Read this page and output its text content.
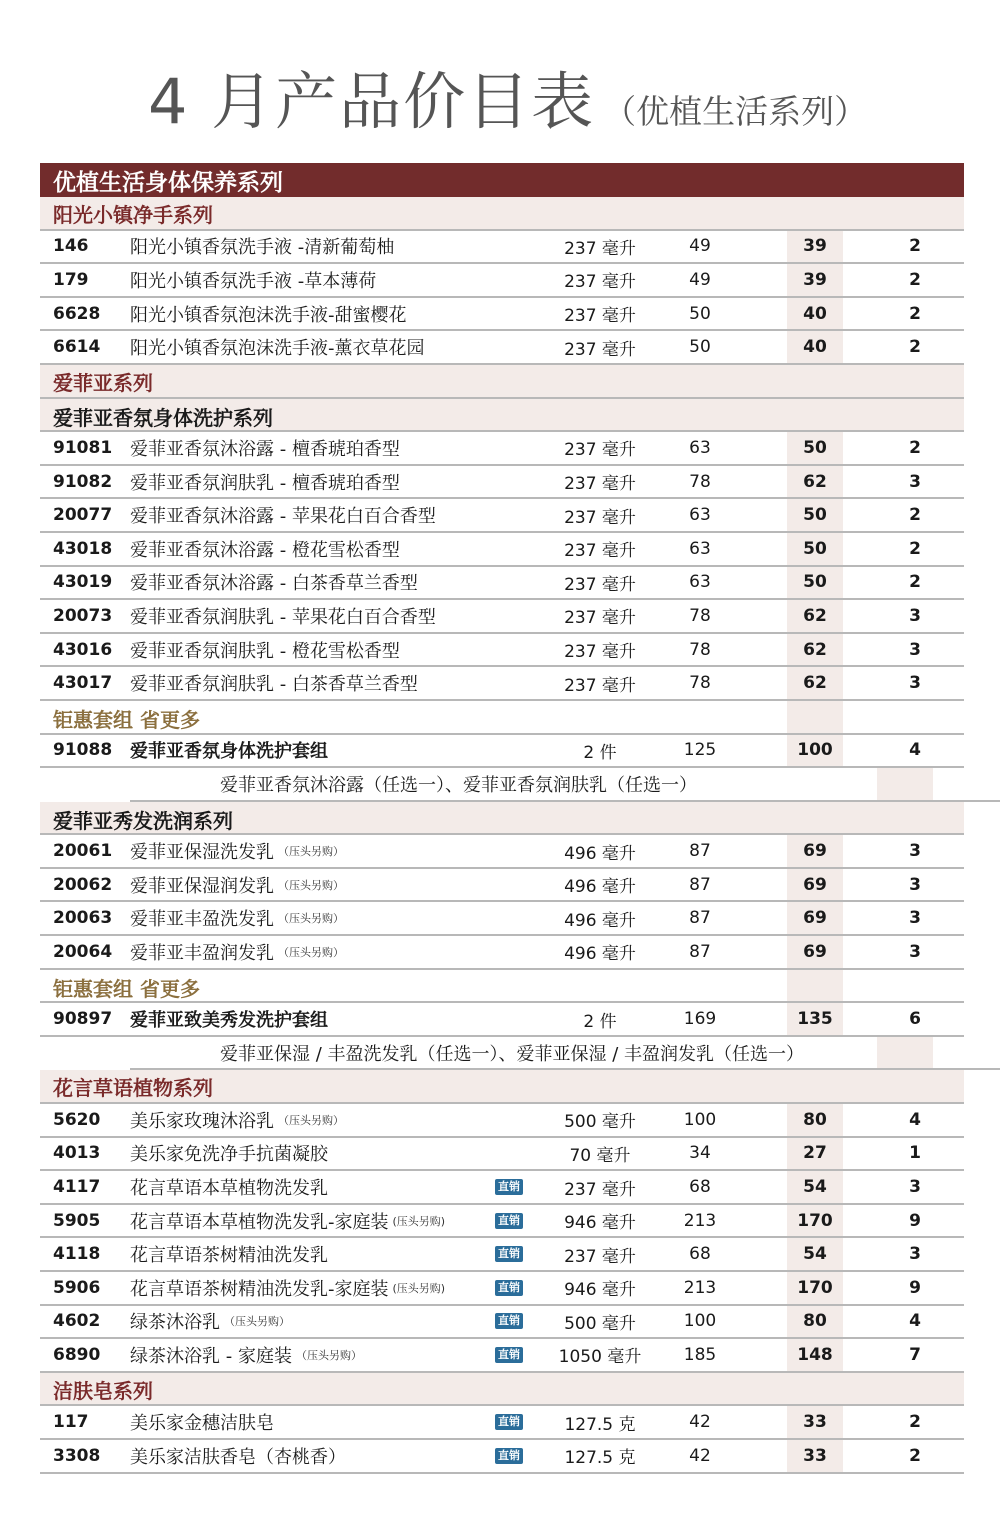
4 月产品价目表 （优植生活系列）
优植生活身体保养系列
阳光小镇净手系列
146 阳光小镇香氛洗手液 -清新葡萄柚	237 毫升	49	39	2
179 阳光小镇香氛洗手液 -草本薄荷	237 毫升	49	39	2
6628 阳光小镇香氛泡沫洗手液-甜蜜樱花	237 毫升	50	40	2
6614 阳光小镇香氛泡沫洗手液-薰衣草花园	237 毫升	50	40	2
爱菲亚系列
爱菲亚香氛身体洗护系列
91081 爱菲亚香氛沐浴露 - 檀香琥珀香型	237 毫升	63	50	2
91082 爱菲亚香氛润肤乳 - 檀香琥珀香型	237 毫升	78	62	3
20077 爱菲亚香氛沐浴露 - 苹果花白百合香型	237 毫升	63	50	2
43018 爱菲亚香氛沐浴露 - 橙花雪松香型	237 毫升	63	50	2
43019 爱菲亚香氛沐浴露 - 白茶香草兰香型	237 毫升	63	50	2
20073 爱菲亚香氛润肤乳 - 苹果花白百合香型	237 毫升	78	62	3
43016 爱菲亚香氛润肤乳 - 橙花雪松香型	237 毫升	78	62	3
43017 爱菲亚香氛润肤乳 - 白茶香草兰香型	237 毫升	78	62	3
钜惠套组 省更多
91088 爱菲亚香氛身体洗护套组	2 件	125	100	4
爱菲亚香氛沐浴露（任选一）、爱菲亚香氛润肤乳（任选一）
爱菲亚秀发洗润系列
20061 爱菲亚保湿洗发乳 （压头另购）	496 毫升	87	69	3
20062 爱菲亚保湿润发乳 （压头另购）	496 毫升	87	69	3
20063 爱菲亚丰盈洗发乳 （压头另购）	496 毫升	87	69	3
20064 爱菲亚丰盈润发乳 （压头另购）	496 毫升	87	69	3
钜惠套组 省更多
90897 爱菲亚致美秀发洗护套组	2 件	169	135	6
爱菲亚保湿 / 丰盈洗发乳（任选一）、爱菲亚保湿 / 丰盈润发乳（任选一）
花言草语植物系列
5620 美乐家玫瑰沐浴乳 （压头另购）	500 毫升	100	80	4
4013 美乐家免洗净手抗菌凝胶	70 毫升	34	27	1
4117 花言草语本草植物洗发乳	直销	237 毫升	68	54	3
5905 花言草语本草植物洗发乳-家庭装 (压头另购)	直销	946 毫升	213	170	9
4118 花言草语茶树精油洗发乳	直销	237 毫升	68	54	3
5906 花言草语茶树精油洗发乳-家庭装 (压头另购)	直销	946 毫升	213	170	9
4602 绿茶沐浴乳 （压头另购）	直销	500 毫升	100	80	4
6890 绿茶沐浴乳 - 家庭装 （压头另购）	直销	1050 毫升	185	148	7
洁肤皂系列
117 美乐家金穗洁肤皂	直销	127.5 克	42	33	2
3308 美乐家洁肤香皂（杏桃香）	直销	127.5 克	42	33	2
